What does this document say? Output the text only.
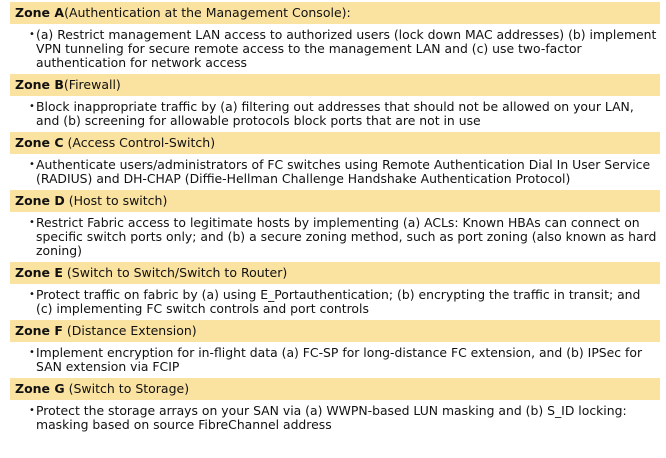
Zone A(Authentication at the Management Console):
• (a) Restrict management LAN access to authorized users (lock down MAC addresses) (b) implement VPN tunneling for secure remote access to the management LAN and (c) use two-factor authentication for network access
Zone B(Firewall)
• Block inappropriate traffic by (a) filtering out addresses that should not be allowed on your LAN, and (b) screening for allowable protocols block ports that are not in use
Zone C (Access Control-Switch)
• Authenticate users/administrators of FC switches using Remote Authentication Dial In User Service (RADIUS) and DH-CHAP (Diffie-Hellman Challenge Handshake Authentication Protocol)
Zone D (Host to switch)
• Restrict Fabric access to legitimate hosts by implementing (a) ACLs: Known HBAs can connect on specific switch ports only; and (b) a secure zoning method, such as port zoning (also known as hard zoning)
Zone E (Switch to Switch/Switch to Router)
• Protect traffic on fabric by (a) using E_Portauthentication; (b) encrypting the traffic in transit; and (c) implementing FC switch controls and port controls
Zone F (Distance Extension)
• Implement encryption for in-flight data (a) FC-SP for long-distance FC extension, and (b) IPSec for SAN extension via FCIP
Zone G (Switch to Storage)
• Protect the storage arrays on your SAN via (a) WWPN-based LUN masking and (b) S_ID locking: masking based on source FibreChannel address
